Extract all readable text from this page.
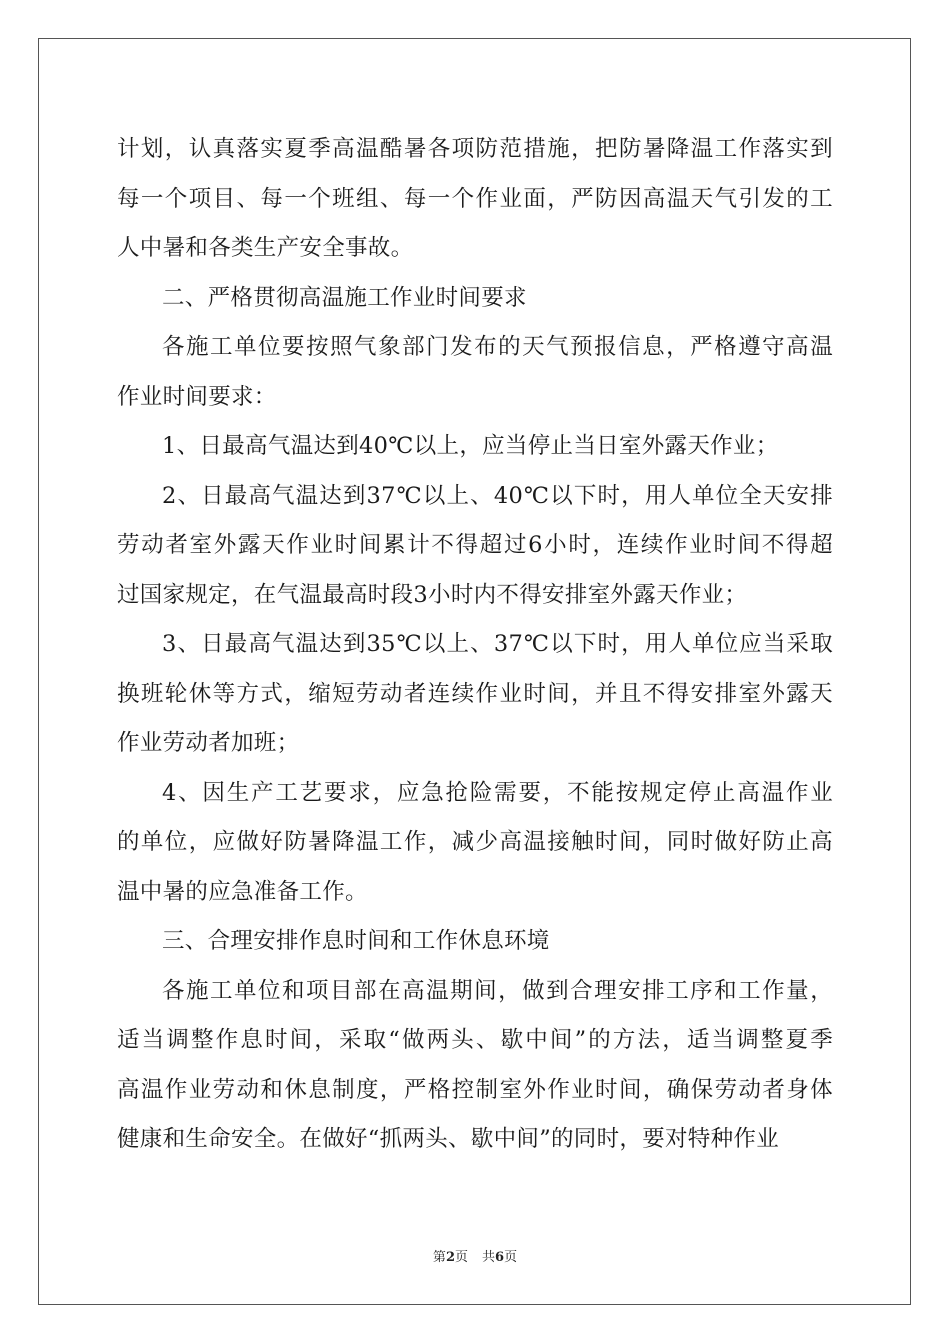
计划，认真落实夏季高温酷暑各项防范措施，把防暑降温工作落实到
每一个项目、每一个班组、每一个作业面，严防因高温天气引发的工
人中暑和各类生产安全事故。
二、严格贯彻高温施工作业时间要求
各施工单位要按照气象部门发布的天气预报信息，严格遵守高温
作业时间要求：
1、日最高气温达到40℃以上，应当停止当日室外露天作业；
2、日最高气温达到37℃以上、40℃以下时，用人单位全天安排
劳动者室外露天作业时间累计不得超过6小时，连续作业时间不得超
过国家规定，在气温最高时段3小时内不得安排室外露天作业；
3、日最高气温达到35℃以上、37℃以下时，用人单位应当采取
换班轮休等方式，缩短劳动者连续作业时间，并且不得安排室外露天
作业劳动者加班；
4、因生产工艺要求，应急抢险需要，不能按规定停止高温作业
的单位，应做好防暑降温工作，减少高温接触时间，同时做好防止高
温中暑的应急准备工作。
三、合理安排作息时间和工作休息环境
各施工单位和项目部在高温期间，做到合理安排工序和工作量，
适当调整作息时间，采取“做两头、歇中间”的方法，适当调整夏季
高温作业劳动和休息制度，严格控制室外作业时间，确保劳动者身体
健康和生命安全。在做好“抓两头、歇中间”的同时，要对特种作业
第2页 共6页
